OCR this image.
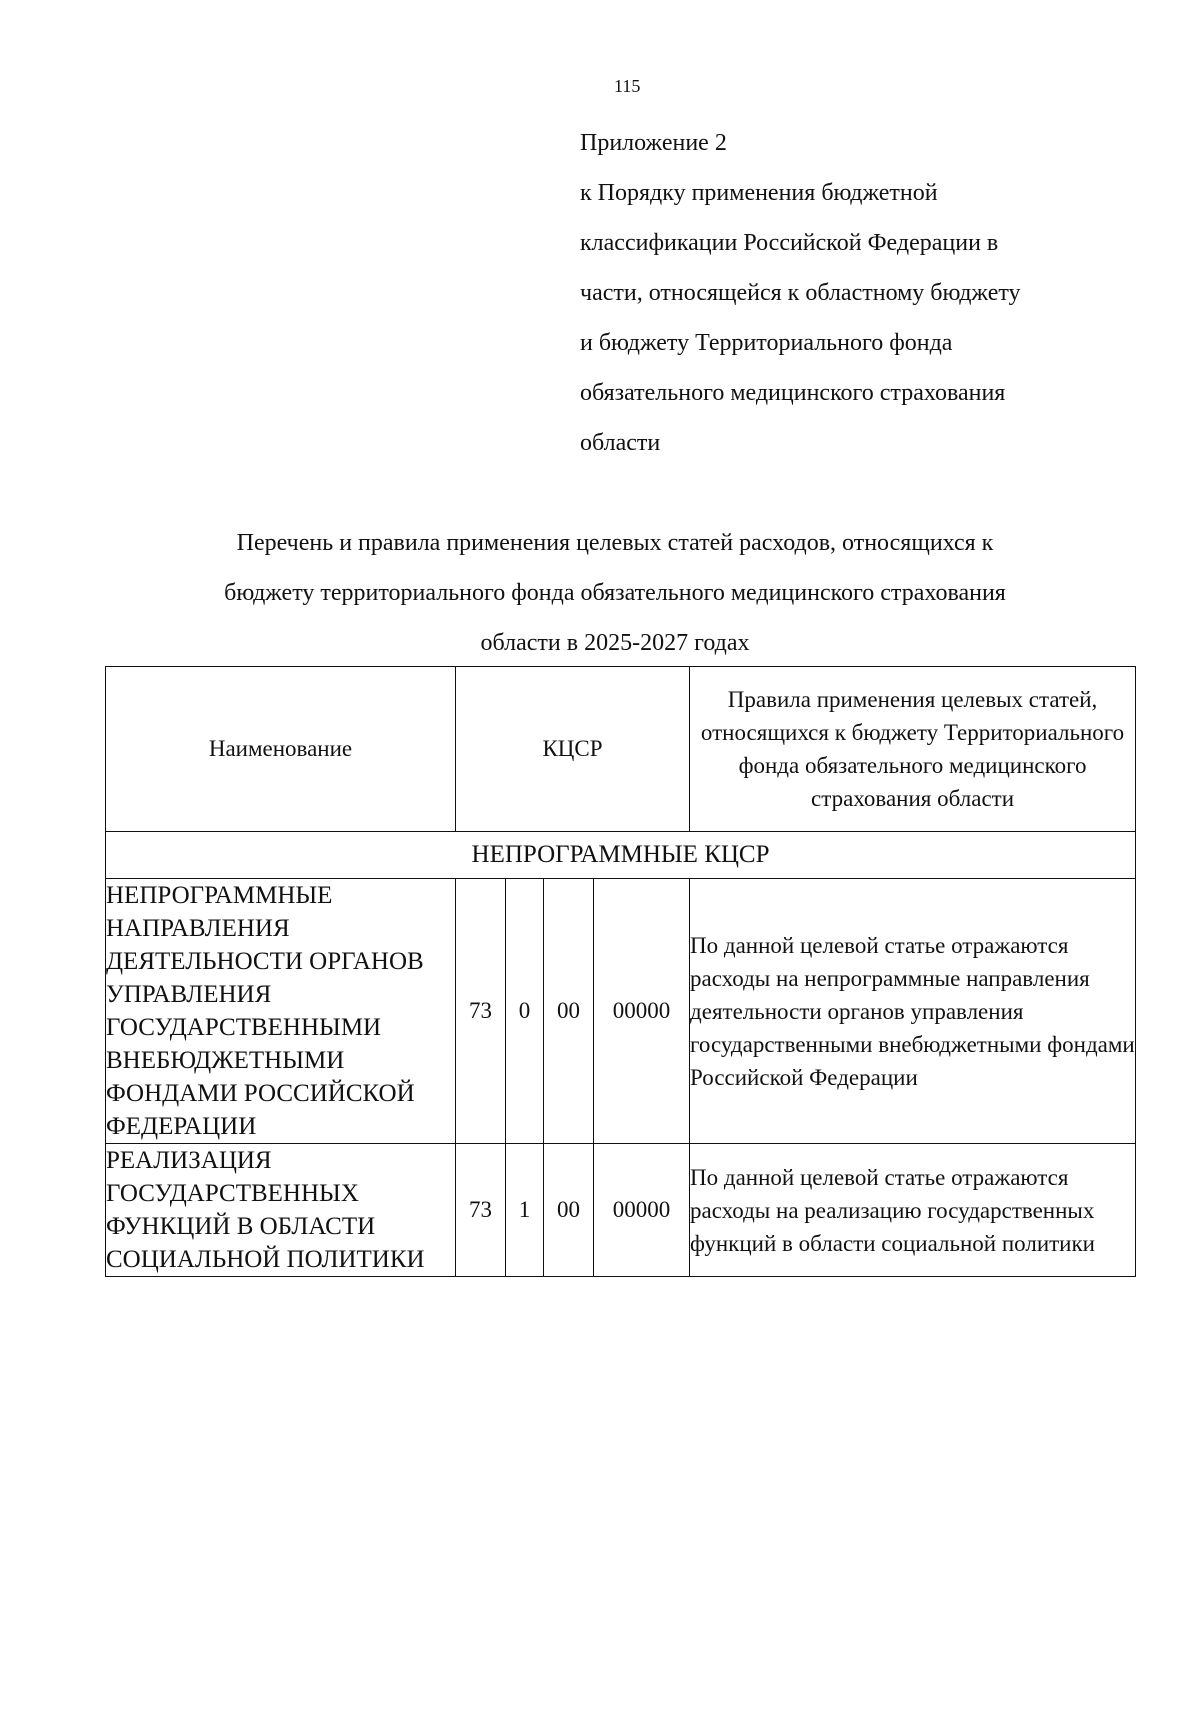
115
Приложение 2
к Порядку применения бюджетной
классификации Российской Федерации в
части, относящейся к областному бюджету
и бюджету Территориального фонда
обязательного медицинского страхования
области
Перечень и правила применения целевых статей расходов, относящихся к
бюджету территориального фонда обязательного медицинского страхования
области в 2025-2027 годах
Наименование	КЦСР				Правила применения целевых статей, относящихся к бюджету Территориального фонда обязательного медицинского страхования области
НЕПРОГРАММНЫЕ КЦСР					
НЕПРОГРАММНЫЕ НАПРАВЛЕНИЯ ДЕЯТЕЛЬНОСТИ ОРГАНОВ УПРАВЛЕНИЯ ГОСУДАРСТВЕННЫМИ ВНЕБЮДЖЕТНЫМИ ФОНДАМИ РОССИЙСКОЙ ФЕДЕРАЦИИ	73	0	00	00000	По данной целевой статье отражаются расходы на непрограммные направления деятельности органов управления государственными внебюджетными фондами Российской Федерации
РЕАЛИЗАЦИЯ ГОСУДАРСТВЕННЫХ ФУНКЦИЙ В ОБЛАСТИ СОЦИАЛЬНОЙ ПОЛИТИКИ	73	1	00	00000	По данной целевой статье отражаются расходы на реализацию государственных функций в области социальной политики
